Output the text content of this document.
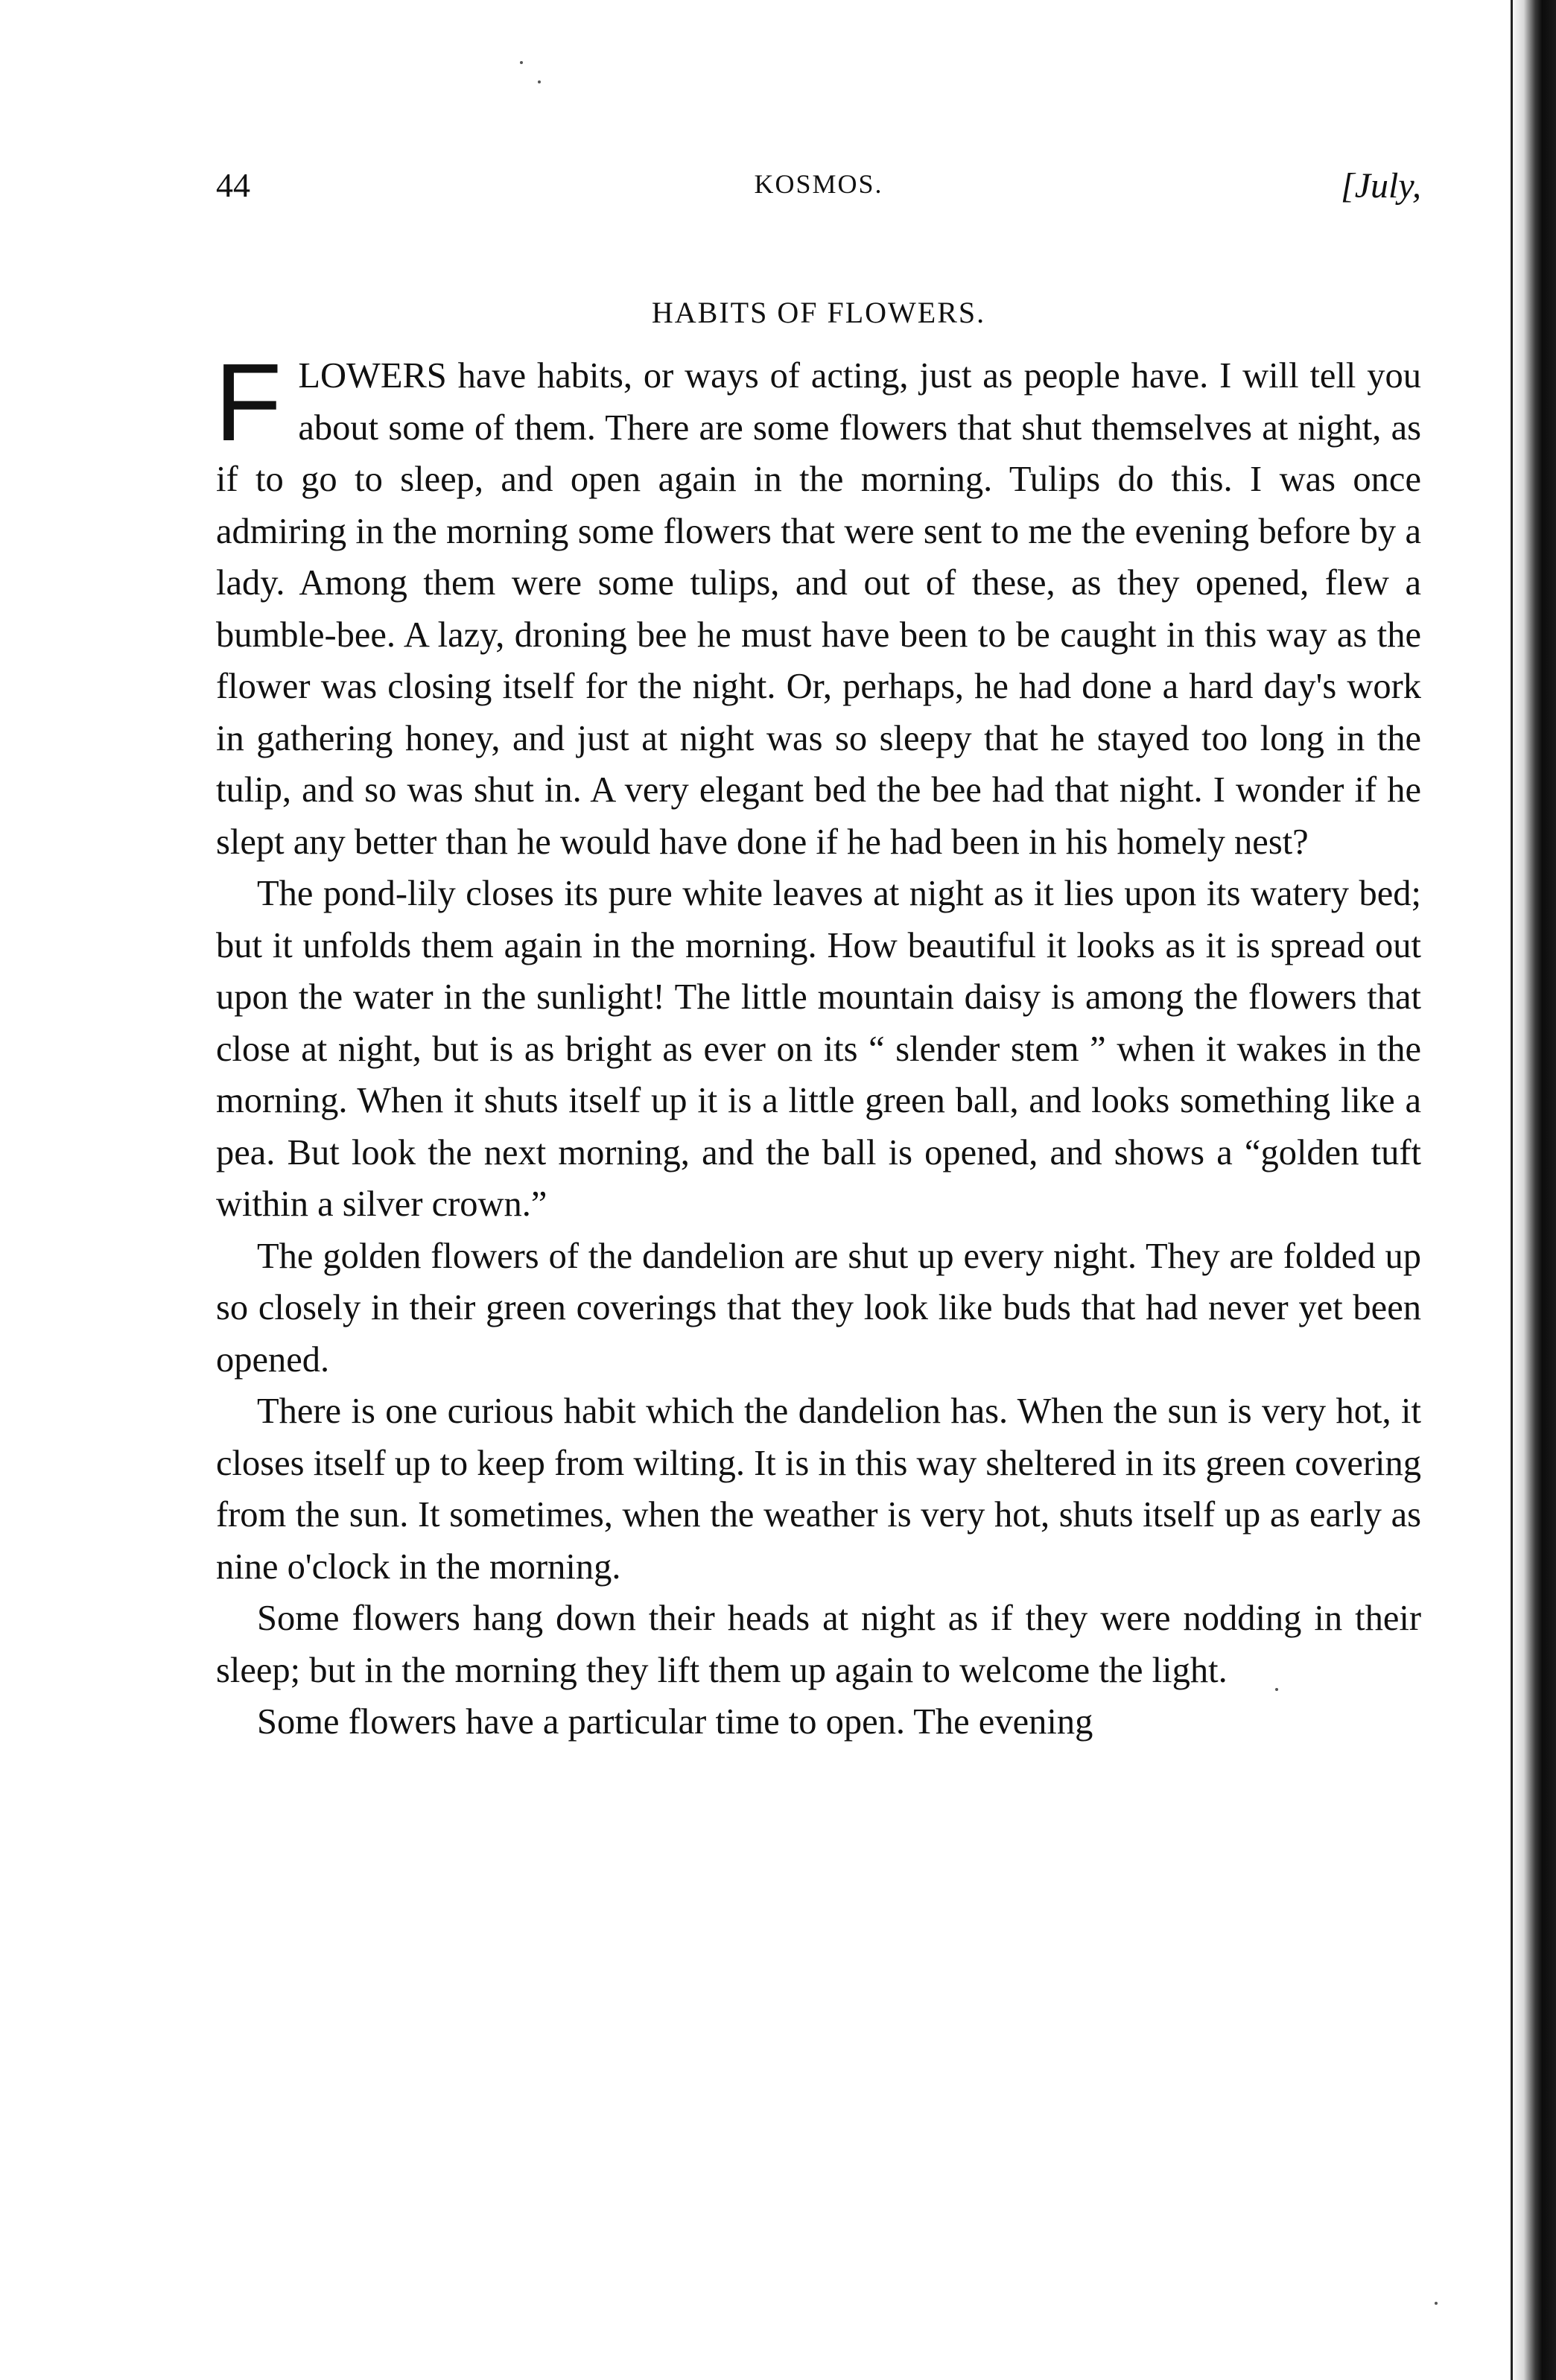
44	KOSMOS.	[July,
HABITS OF FLOWERS.

FLOWERS have habits, or ways of acting, just as people have. I will tell you about some of them. There are some flowers that shut themselves at night, as if to go to sleep, and open again in the morning. Tulips do this. I was once admiring in the morning some flowers that were sent to me the evening before by a lady. Among them were some tulips, and out of these, as they opened, flew a bumble-bee. A lazy, droning bee he must have been to be caught in this way as the flower was closing itself for the night. Or, perhaps, he had done a hard day's work in gathering honey, and just at night was so sleepy that he stayed too long in the tulip, and so was shut in. A very elegant bed the bee had that night. I wonder if he slept any better than he would have done if he had been in his homely nest?

The pond-lily closes its pure white leaves at night as it lies upon its watery bed; but it unfolds them again in the morning. How beautiful it looks as it is spread out upon the water in the sunlight! The little mountain daisy is among the flowers that close at night, but is as bright as ever on its “ slender stem ” when it wakes in the morning. When it shuts itself up it is a little green ball, and looks something like a pea. But look the next morning, and the ball is opened, and shows a “golden tuft within a silver crown.”

The golden flowers of the dandelion are shut up every night. They are folded up so closely in their green coverings that they look like buds that had never yet been opened.

There is one curious habit which the dandelion has. When the sun is very hot, it closes itself up to keep from wilting. It is in this way sheltered in its green covering from the sun. It sometimes, when the weather is very hot, shuts itself up as early as nine o'clock in the morning.

Some flowers hang down their heads at night as if they were nodding in their sleep; but in the morning they lift them up again to welcome the light.

Some flowers have a particular time to open. The evening
